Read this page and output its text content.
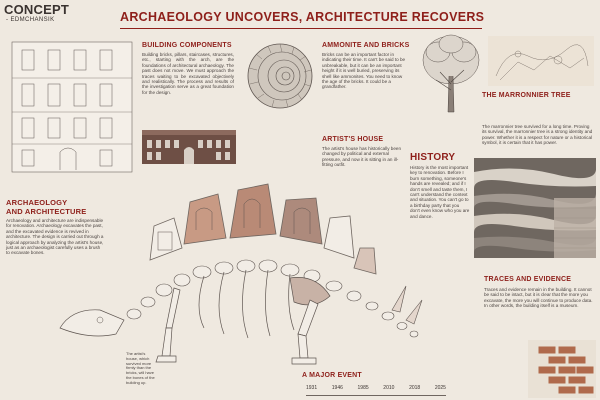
CONCEPT
- EDMCHANSIK	ARCHAEOLOGY UNCOVERS, ARCHITECTURE RECOVERS
BUILDING COMPONENTS
Building bricks, pillars, staircases, structures, etc., starting with the arch, are the foundations of architectural archaeology. The past does not move. We must approach the traces waiting to be excavated objectively and realistically. The process and results of the investigation serve as a great foundation for the design.
AMMONITE AND BRICKS
Bricks can be an important factor in indicating their time. It can't be said to be unbreakable, but it can be an important height if it is well buried, preserving its shell like ammonites. You need to know the age of the bricks. It could be a grandfather.
ARTIST'S HOUSE
The artist's house has historically been changed by political and external pressure, and now it is sitting in an ill-fitting outfit.
THE MARRONNIER TREE
The marronnier tree survived for a long time. Proving its survival, the marronnier tree is a strong identity and power. Whether it is a respect for nature or a historical symbol, it is certain that it has power.
HISTORY
History is the most important key to renovation. Before I burn something, someone's hands are revealed; and if I don't smell and taste them, I can't understand the context and situation. You can't go to a birthday party that you don't even know who you are and dance.
ARCHAEOLOGY
AND ARCHITECTURE
Archaeology and architecture are indispensable for renovation. Archaeology excavates the past, and the excavated evidence is revived in architecture. The design is carried out through a logical approach by analyzing the artist's house, just as an archaeologist carefully uses a brush to excavate bones.
The artist's house, which survived more firmly than the bricks, will have the bones of the building up.
TRACES AND EVIDENCE
Traces and evidence remain in the building. It cannot be said to be intact, but it is clear that the more you excavate, the more you will continue to produce data. In other words, the building itself is a museum.
A MAJOR EVENT
1931	1946	1985	2010	2018	2025
